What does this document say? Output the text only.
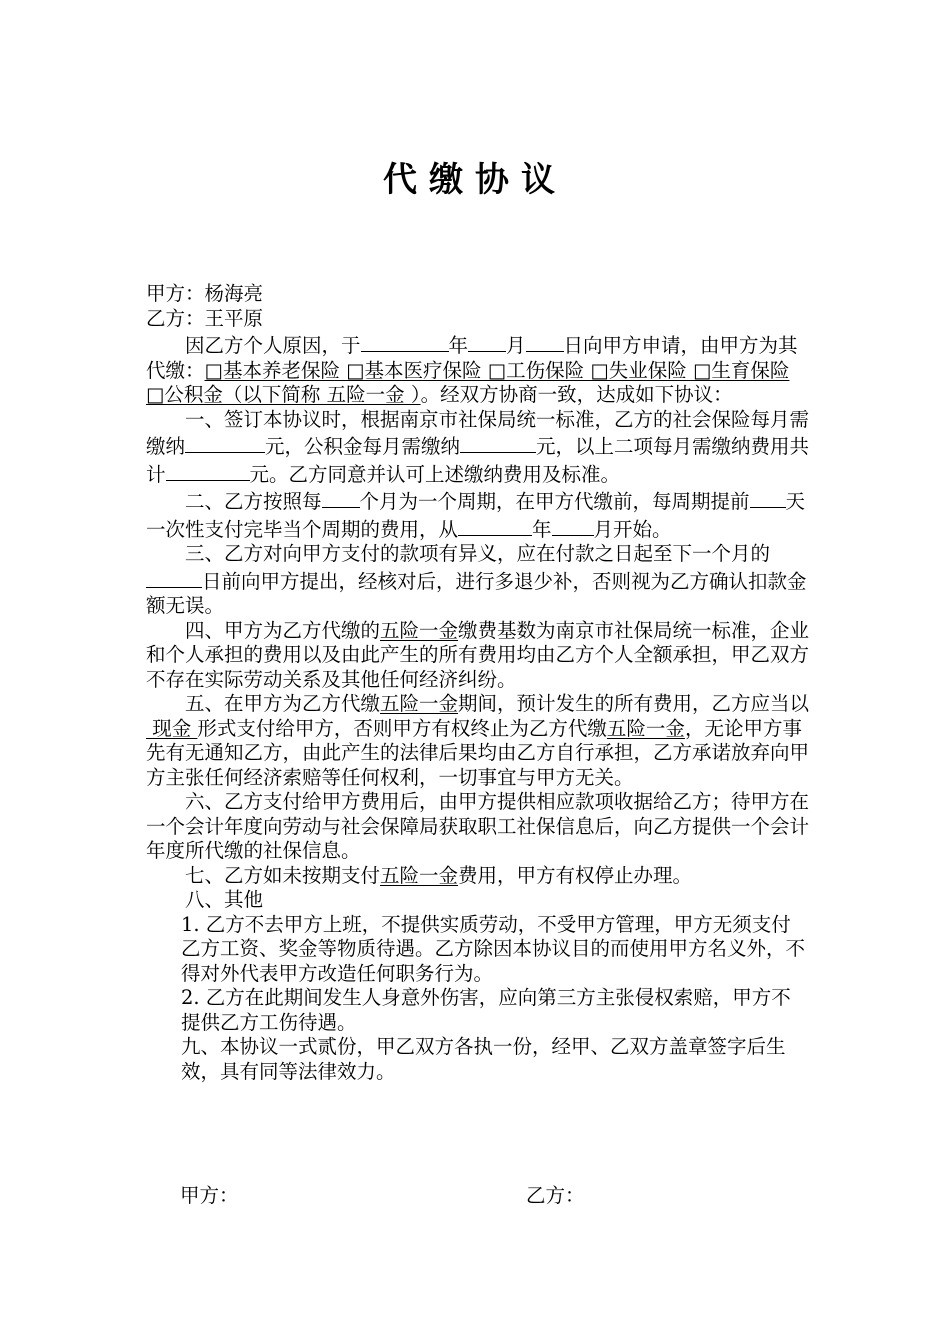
代缴协议

甲方：杨海亮

乙方：王平原

因乙方个人原因，于	年 月 日向甲方申请，由甲方为其代缴：□基本养老保险 □基本医疗保险 □工伤保险 □失业保险 □生育保险 □公积金（以下简称 五险一金 ）。经双方协商一致，达成如下协议：

一、签订本协议时，根据南京市社保局统一标准，乙方的社会保险每月需缴纳	元，公积金每月需缴纳	元，以上二项每月需缴纳费用共计	元。乙方同意并认可上述缴纳费用及标准。

二、乙方按照每 个月为一个周期，在甲方代缴前，每周期提前 天一次性支付完毕当个周期的费用，从	年 月开始。

三、乙方对向甲方支付的款项有异义，应在付款之日起至下一个月的日前向甲方提出，经核对后，进行多退少补，否则视为乙方确认扣款金额无误。

四、甲方为乙方代缴的五险一金缴费基数为南京市社保局统一标准，企业和个人承担的费用以及由此产生的所有费用均由乙方个人全额承担，甲乙双方不存在实际劳动关系及其他任何经济纠纷。

五、在甲方为乙方代缴五险一金期间，预计发生的所有费用，乙方应当以 现金 形式支付给甲方，否则甲方有权终止为乙方代缴五险一金，无论甲方事先有无通知乙方，由此产生的法律后果均由乙方自行承担，乙方承诺放弃向甲方主张任何经济索赔等任何权利，一切事宜与甲方无关。

六、乙方支付给甲方费用后，由甲方提供相应款项收据给乙方；待甲方在一个会计年度向劳动与社会保障局获取职工社保信息后，向乙方提供一个会计年度所代缴的社保信息。

七、乙方如未按期支付五险一金费用，甲方有权停止办理。

八、其他

1. 乙方不去甲方上班，不提供实质劳动，不受甲方管理，甲方无须支付乙方工资、奖金等物质待遇。乙方除因本协议目的而使用甲方名义外，不得对外代表甲方改造任何职务行为。

2. 乙方在此期间发生人身意外伤害，应向第三方主张侵权索赔，甲方不提供乙方工伤待遇。

九、本协议一式贰份，甲乙双方各执一份，经甲、乙双方盖章签字后生效，具有同等法律效力。

甲方：	乙方：
